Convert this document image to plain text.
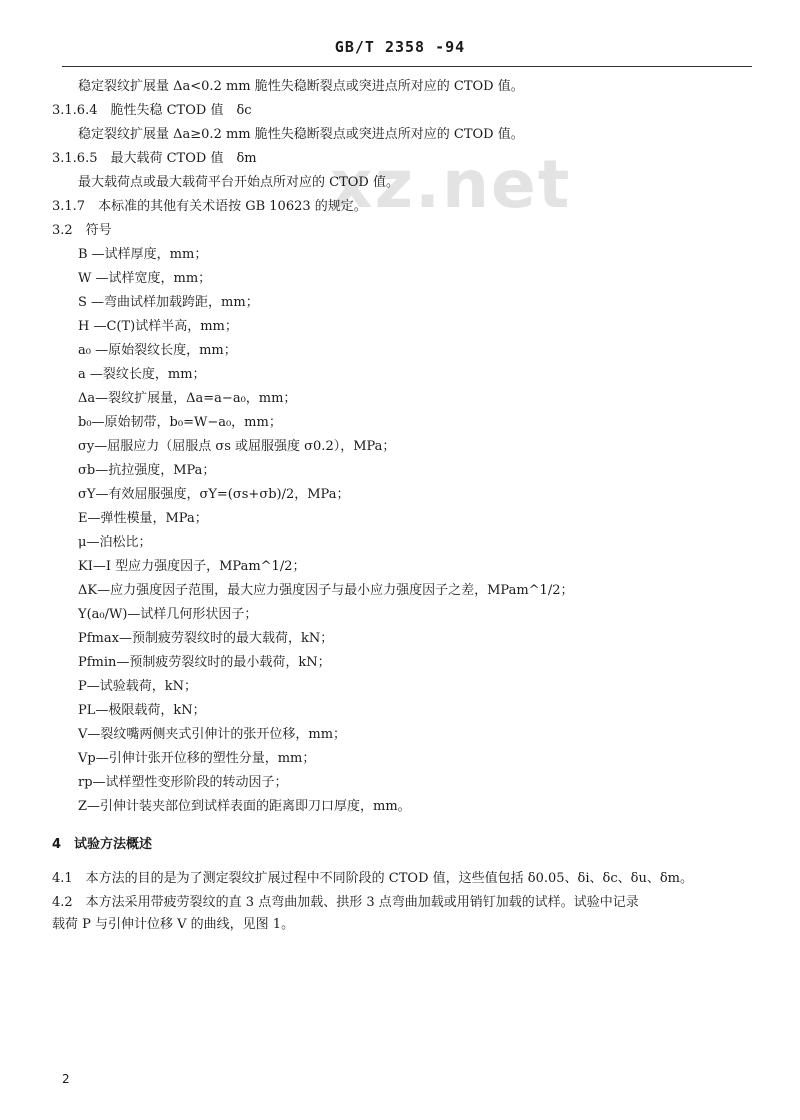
GB/T 2358 -94
xz.net
稳定裂纹扩展量 Δa<0.2 mm 脆性失稳断裂点或突进点所对应的 CTOD 值。
3.1.6.4　脆性失稳 CTOD 值　δc
稳定裂纹扩展量 Δa≥0.2 mm 脆性失稳断裂点或突进点所对应的 CTOD 值。
3.1.6.5　最大载荷 CTOD 值　δm
最大载荷点或最大载荷平台开始点所对应的 CTOD 值。
3.1.7　本标准的其他有关术语按 GB 10623 的规定。
3.2　符号
B —试样厚度，mm；
W —试样宽度，mm；
S —弯曲试样加载跨距，mm；
H —C(T)试样半高，mm；
a₀ —原始裂纹长度，mm；
a —裂纹长度，mm；
Δa—裂纹扩展量，Δa=a−a₀，mm；
b₀—原始韧带，b₀=W−a₀，mm；
σy—屈服应力（屈服点 σs 或屈服强度 σ0.2），MPa；
σb—抗拉强度，MPa；
σY—有效屈服强度，σY=(σs+σb)/2，MPa；
E—弹性模量，MPa；
μ—泊松比；
KI—I 型应力强度因子，MPam^1/2；
ΔK—应力强度因子范围，最大应力强度因子与最小应力强度因子之差，MPam^1/2；
Y(a₀/W)—试样几何形状因子；
Pfmax—预制疲劳裂纹时的最大载荷，kN；
Pfmin—预制疲劳裂纹时的最小载荷，kN；
P—试验载荷，kN；
PL—极限载荷，kN；
V—裂纹嘴两侧夹式引伸计的张开位移，mm；
Vp—引伸计张开位移的塑性分量，mm；
rp—试样塑性变形阶段的转动因子；
Z—引伸计装夹部位到试样表面的距离即刀口厚度，mm。
4　试验方法概述
4.1　本方法的目的是为了测定裂纹扩展过程中不同阶段的 CTOD 值，这些值包括 δ0.05、δi、δc、δu、δm。
4.2　本方法采用带疲劳裂纹的直 3 点弯曲加载、拱形 3 点弯曲加载或用销钉加载的试样。试验中记录
载荷 P 与引伸计位移 V 的曲线，见图 1。
2
